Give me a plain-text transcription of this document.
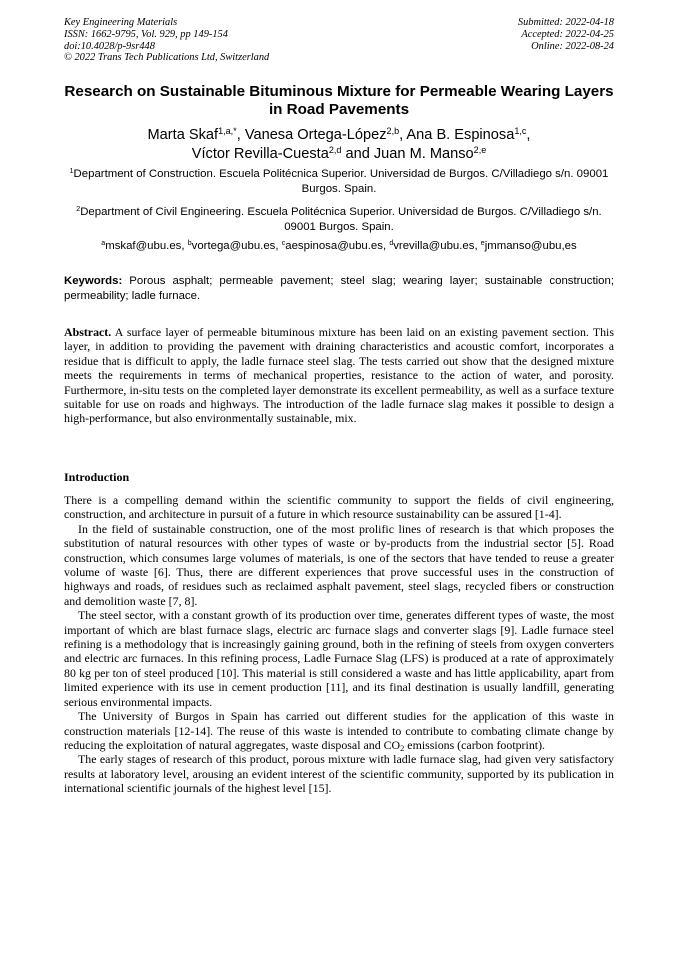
Key Engineering Materials
ISSN: 1662-9795, Vol. 929, pp 149-154
doi:10.4028/p-9sr448
© 2022 Trans Tech Publications Ltd, Switzerland
Submitted: 2022-04-18
Accepted: 2022-04-25
Online: 2022-08-24
Research on Sustainable Bituminous Mixture for Permeable Wearing Layers in Road Pavements
Marta Skaf$^{1,a,*}$, Vanesa Ortega-López$^{2,b}$, Ana B. Espinosa$^{1,c}$,
Víctor Revilla-Cuesta$^{2,d}$ and Juan M. Manso$^{2,e}$
$^1$Department of Construction. Escuela Politécnica Superior. Universidad de Burgos. C/Villadiego s/n. 09001 Burgos. Spain.
$^2$Department of Civil Engineering. Escuela Politécnica Superior. Universidad de Burgos. C/Villadiego s/n. 09001 Burgos. Spain.
$^a$mskaf@ubu.es, $^b$vortega@ubu.es, $^c$aespinosa@ubu.es, $^d$vrevilla@ubu.es, $^e$jmmanso@ubu,es
Keywords: Porous asphalt; permeable pavement; steel slag; wearing layer; sustainable construction; permeability; ladle furnace.
Abstract. A surface layer of permeable bituminous mixture has been laid on an existing pavement section. This layer, in addition to providing the pavement with draining characteristics and acoustic comfort, incorporates a residue that is difficult to apply, the ladle furnace steel slag. The tests carried out show that the designed mixture meets the requirements in terms of mechanical properties, resistance to the action of water, and porosity. Furthermore, in-situ tests on the completed layer demonstrate its excellent permeability, as well as a surface texture suitable for use on roads and highways. The introduction of the ladle furnace slag makes it possible to design a high-performance, but also environmentally sustainable, mix.
Introduction

There is a compelling demand within the scientific community to support the fields of civil engineering, construction, and architecture in pursuit of a future in which resource sustainability can be assured [1-4].

In the field of sustainable construction, one of the most prolific lines of research is that which proposes the substitution of natural resources with other types of waste or by-products from the industrial sector [5]. Road construction, which consumes large volumes of materials, is one of the sectors that have tended to reuse a greater volume of waste [6]. Thus, there are different experiences that prove successful uses in the construction of highways and roads, of residues such as reclaimed asphalt pavement, steel slags, recycled fibers or construction and demolition waste [7, 8].

The steel sector, with a constant growth of its production over time, generates different types of waste, the most important of which are blast furnace slags, electric arc furnace slags and converter slags [9]. Ladle furnace steel refining is a methodology that is increasingly gaining ground, both in the refining of steels from oxygen converters and electric arc furnaces. In this refining process, Ladle Furnace Slag (LFS) is produced at a rate of approximately 80 kg per ton of steel produced [10]. This material is still considered a waste and has little applicability, apart from limited experience with its use in cement production [11], and its final destination is usually landfill, generating serious environmental impacts.

The University of Burgos in Spain has carried out different studies for the application of this waste in construction materials [12-14]. The reuse of this waste is intended to contribute to combating climate change by reducing the exploitation of natural aggregates, waste disposal and $CO_2$ emissions (carbon footprint).

The early stages of research of this product, porous mixture with ladle furnace slag, had given very satisfactory results at laboratory level, arousing an evident interest of the scientific community, supported by its publication in international scientific journals of the highest level [15].
